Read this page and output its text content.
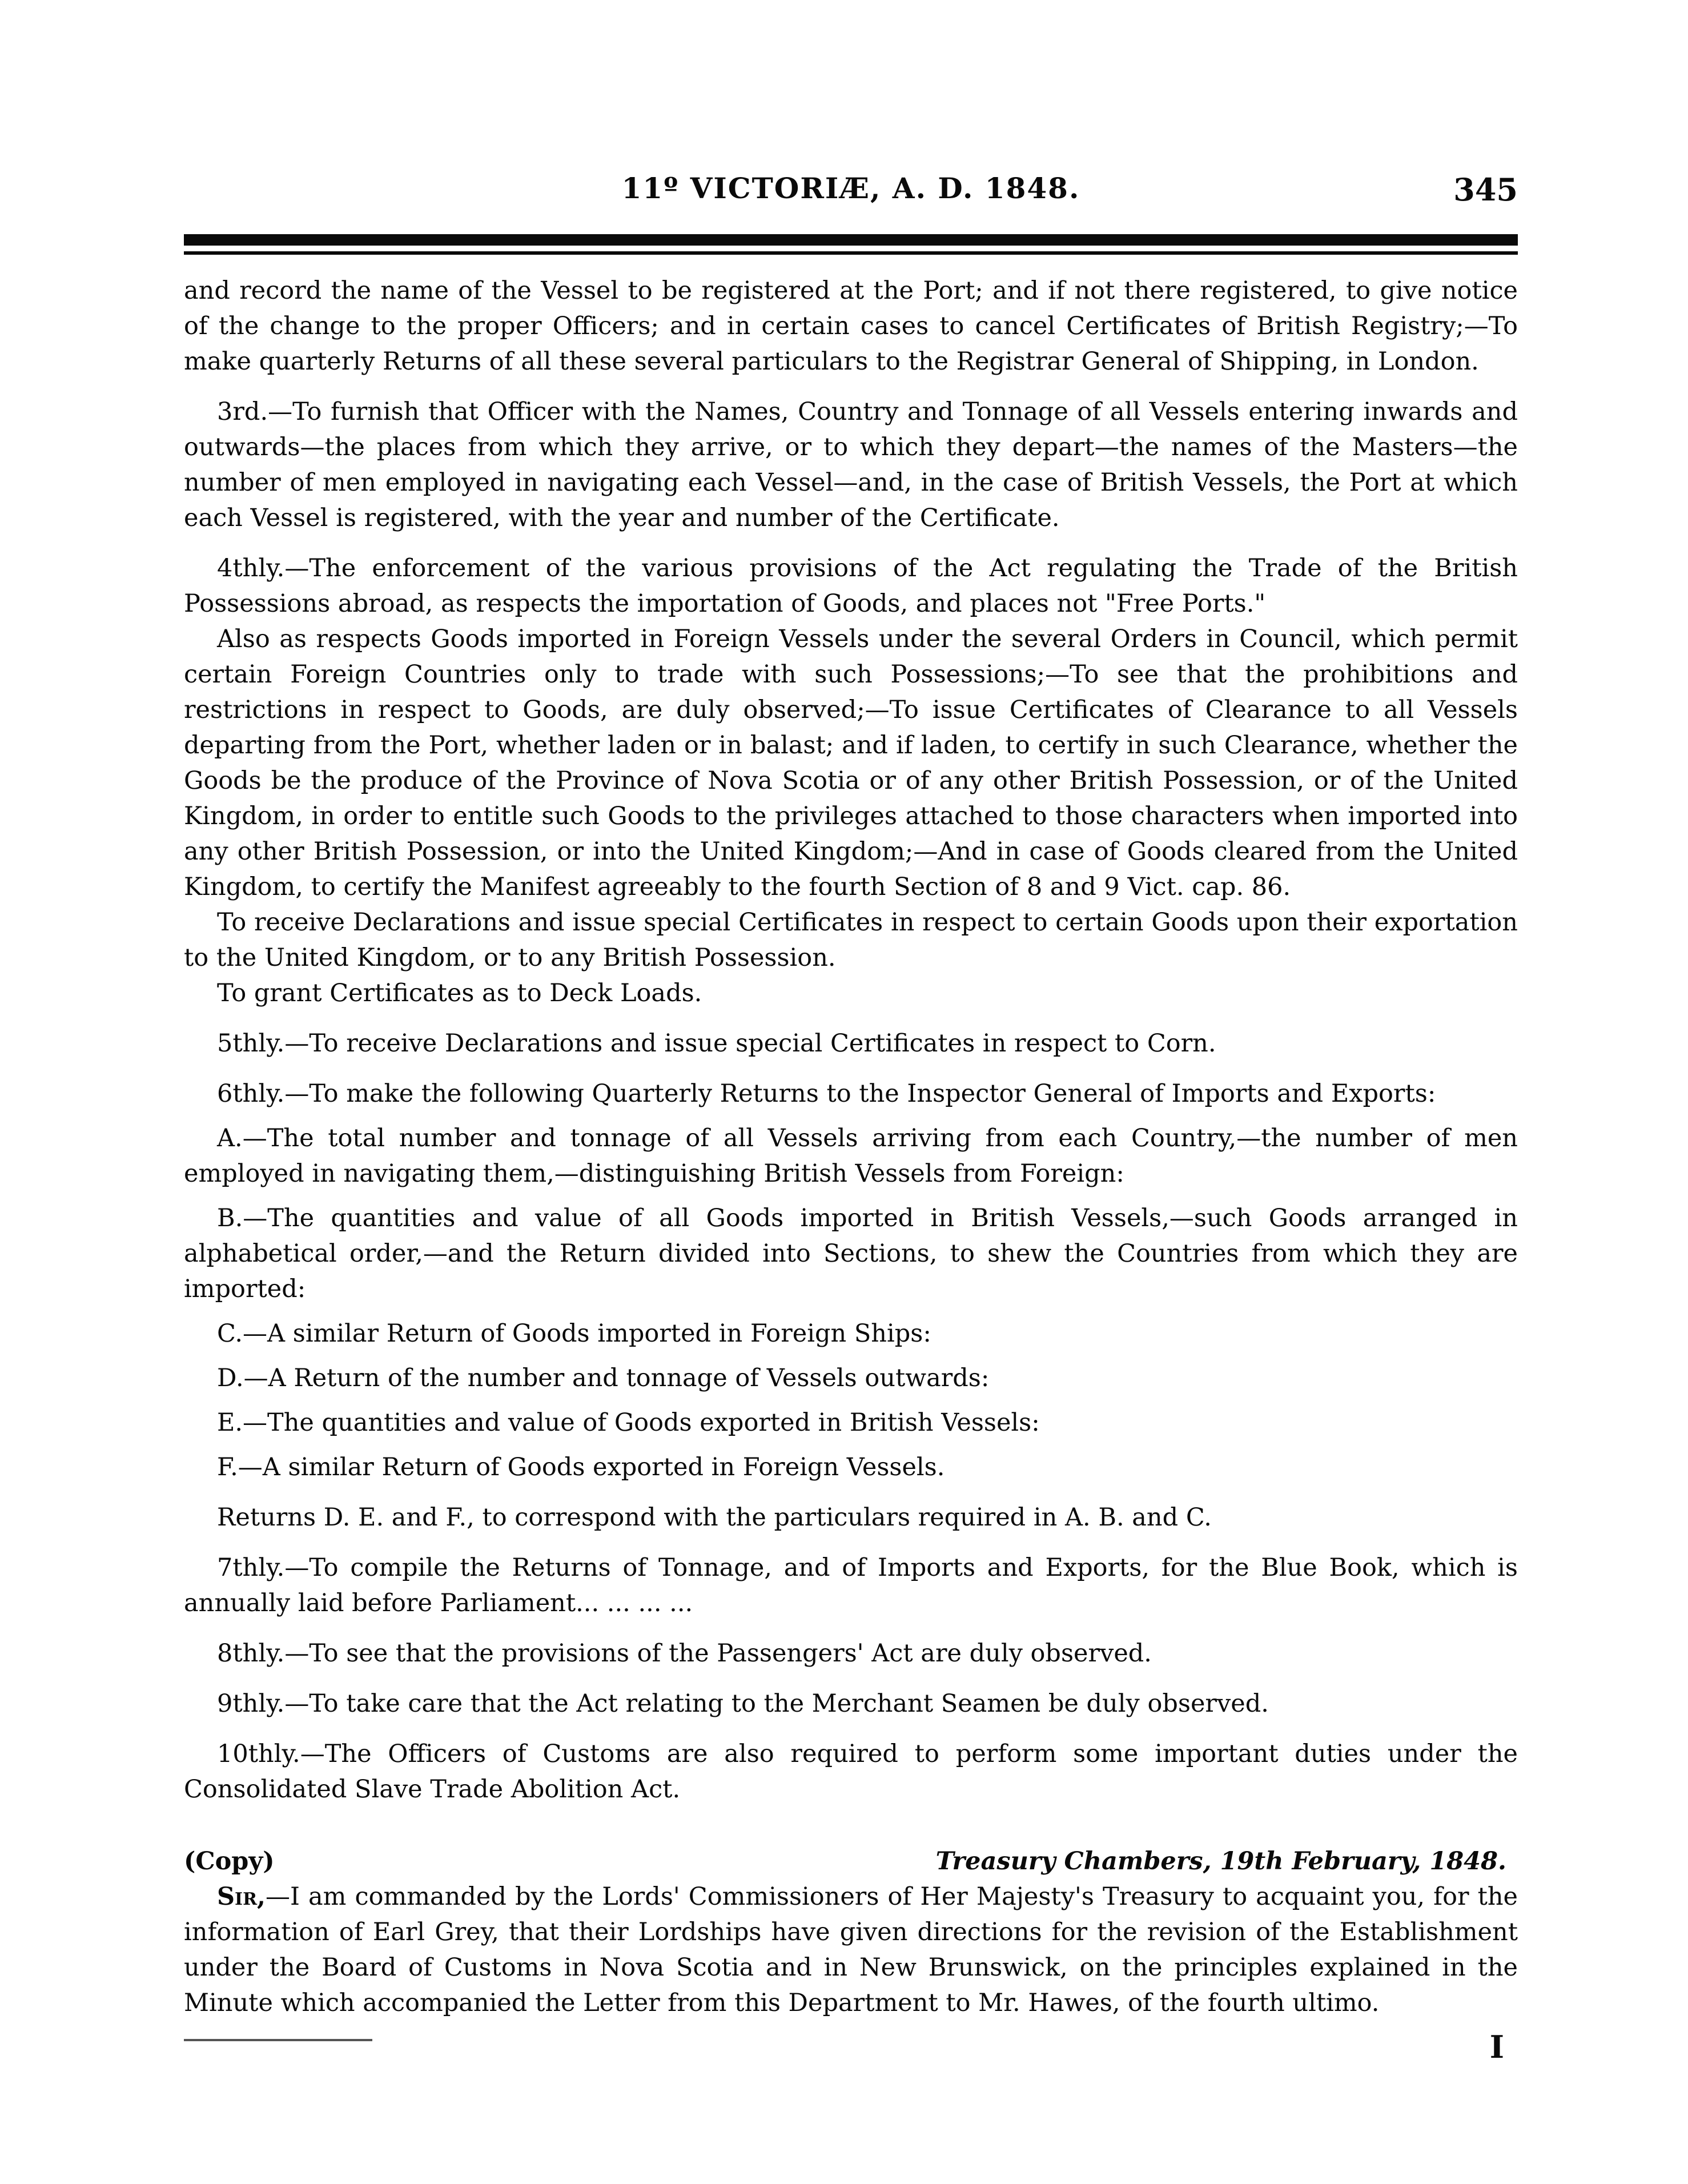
11º VICTORIÆ, A. D. 1848.	345

and record the name of the Vessel to be registered at the Port; and if not there registered, to give notice of the change to the proper Officers; and in certain cases to cancel Certificates of British Registry;—To make quarterly Returns of all these several particulars to the Registrar General of Shipping, in London.

3rd.—To furnish that Officer with the Names, Country and Tonnage of all Vessels entering inwards and outwards—the places from which they arrive, or to which they depart—the names of the Masters—the number of men employed in navigating each Vessel—and, in the case of British Vessels, the Port at which each Vessel is registered, with the year and number of the Certificate.

4thly.—The enforcement of the various provisions of the Act regulating the Trade of the British Possessions abroad, as respects the importation of Goods, and places not "Free Ports."

Also as respects Goods imported in Foreign Vessels under the several Orders in Council, which permit certain Foreign Countries only to trade with such Possessions;—To see that the prohibitions and restrictions in respect to Goods, are duly observed;—To issue Certificates of Clearance to all Vessels departing from the Port, whether laden or in balast; and if laden, to certify in such Clearance, whether the Goods be the produce of the Province of Nova Scotia or of any other British Possession, or of the United Kingdom, in order to entitle such Goods to the privileges attached to those characters when imported into any other British Possession, or into the United Kingdom;—And in case of Goods cleared from the United Kingdom, to certify the Manifest agreeably to the fourth Section of 8 and 9 Vict. cap. 86.

To receive Declarations and issue special Certificates in respect to certain Goods upon their exportation to the United Kingdom, or to any British Possession.

To grant Certificates as to Deck Loads.

5thly.—To receive Declarations and issue special Certificates in respect to Corn.

6thly.—To make the following Quarterly Returns to the Inspector General of Imports and Exports:

A.—The total number and tonnage of all Vessels arriving from each Country,—the number of men employed in navigating them,—distinguishing British Vessels from Foreign:

B.—The quantities and value of all Goods imported in British Vessels,—such Goods arranged in alphabetical order,—and the Return divided into Sections, to shew the Countries from which they are imported:

C.—A similar Return of Goods imported in Foreign Ships:

D.—A Return of the number and tonnage of Vessels outwards:

E.—The quantities and value of Goods exported in British Vessels:

F.—A similar Return of Goods exported in Foreign Vessels.

Returns D. E. and F., to correspond with the particulars required in A. B. and C.

7thly.—To compile the Returns of Tonnage, and of Imports and Exports, for the Blue Book, which is annually laid before Parliament... ... ... ...

8thly.—To see that the provisions of the Passengers' Act are duly observed.

9thly.—To take care that the Act relating to the Merchant Seamen be duly observed.

10thly.—The Officers of Customs are also required to perform some important duties under the Consolidated Slave Trade Abolition Act.

(Copy)	Treasury Chambers, 19th February, 1848.

Sir,—I am commanded by the Lords' Commissioners of Her Majesty's Treasury to acquaint you, for the information of Earl Grey, that their Lordships have given directions for the revision of the Establishment under the Board of Customs in Nova Scotia and in New Brunswick, on the principles explained in the Minute which accompanied the Letter from this Department to Mr. Hawes, of the fourth ultimo.

I
